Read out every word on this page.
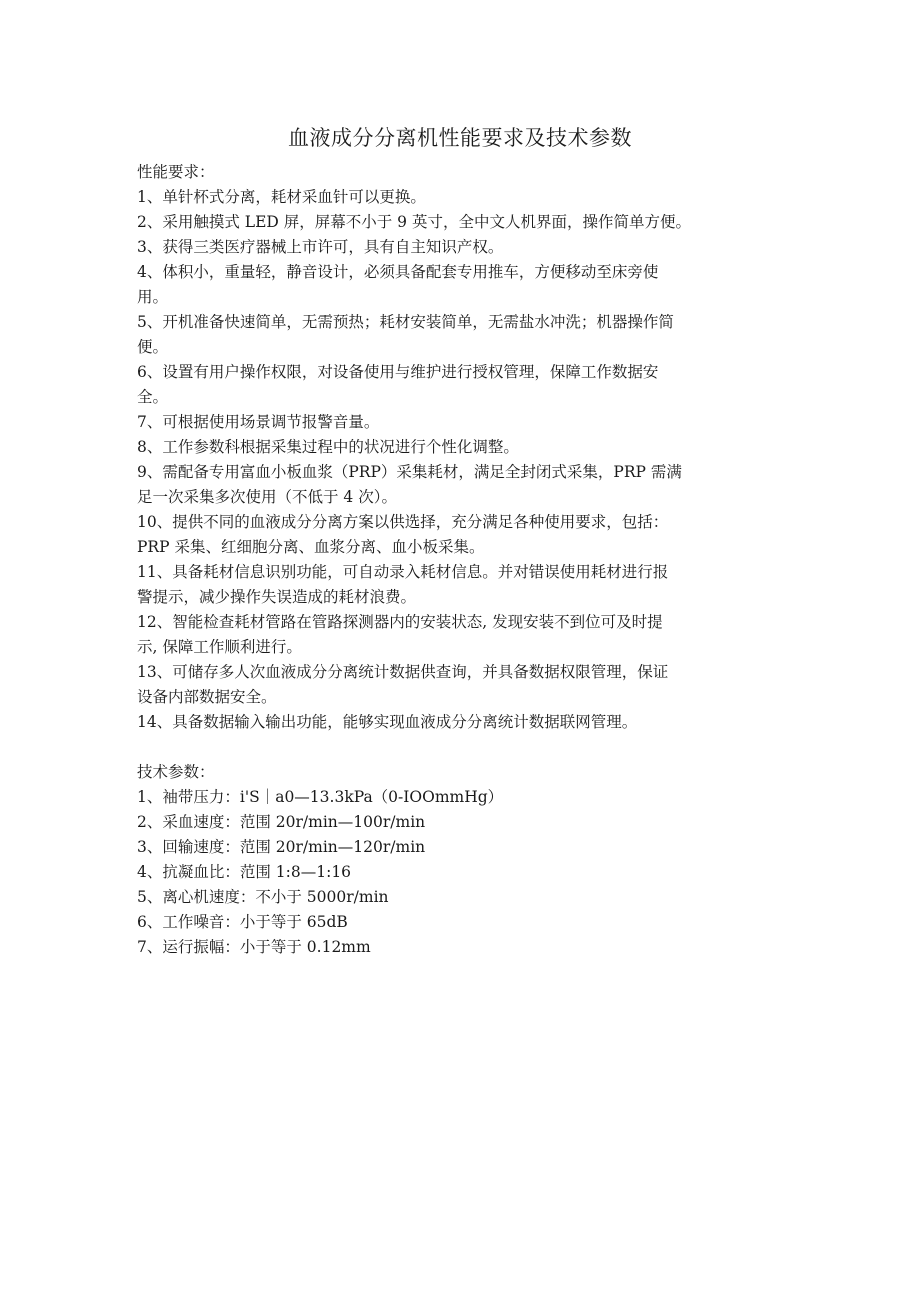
血液成分分离机性能要求及技术参数

性能要求：

1、单针杯式分离，耗材采血针可以更换。

2、采用触摸式 LED 屏，屏幕不小于 9 英寸，全中文人机界面，操作简单方便。

3、获得三类医疗器械上市许可，具有自主知识产权。

4、体积小，重量轻，静音设计，必须具备配套专用推车，方便移动至床旁使

用。

5、开机准备快速简单，无需预热；耗材安装简单，无需盐水冲洗；机器操作简

便。

6、设置有用户操作权限，对设备使用与维护进行授权管理，保障工作数据安

全。

7、可根据使用场景调节报警音量。

8、工作参数科根据采集过程中的状况进行个性化调整。

9、需配备专用富血小板血浆（PRP）采集耗材，满足全封闭式采集，PRP 需满

足一次采集多次使用（不低于 4 次）。

10、提供不同的血液成分分离方案以供选择，充分满足各种使用要求，包括：

PRP 采集、红细胞分离、血浆分离、血小板采集。

11、具备耗材信息识别功能，可自动录入耗材信息。并对错误使用耗材进行报

警提示，减少操作失误造成的耗材浪费。

12、智能检查耗材管路在管路探测器内的安装状态, 发现安装不到位可及时提

示, 保障工作顺利进行。

13、可储存多人次血液成分分离统计数据供查询，并具备数据权限管理，保证

设备内部数据安全。

14、具备数据输入输出功能，能够实现血液成分分离统计数据联网管理。

技术参数：

1、袖带压力：i'S｜a0—13.3kPa（0-IOOmmHg）

2、采血速度：范围 20r/min—100r/min

3、回输速度：范围 20r/min—120r/min

4、抗凝血比：范围 1:8—1:16

5、离心机速度：不小于 5000r/min

6、工作噪音：小于等于 65dB

7、运行振幅：小于等于 0.12mm
